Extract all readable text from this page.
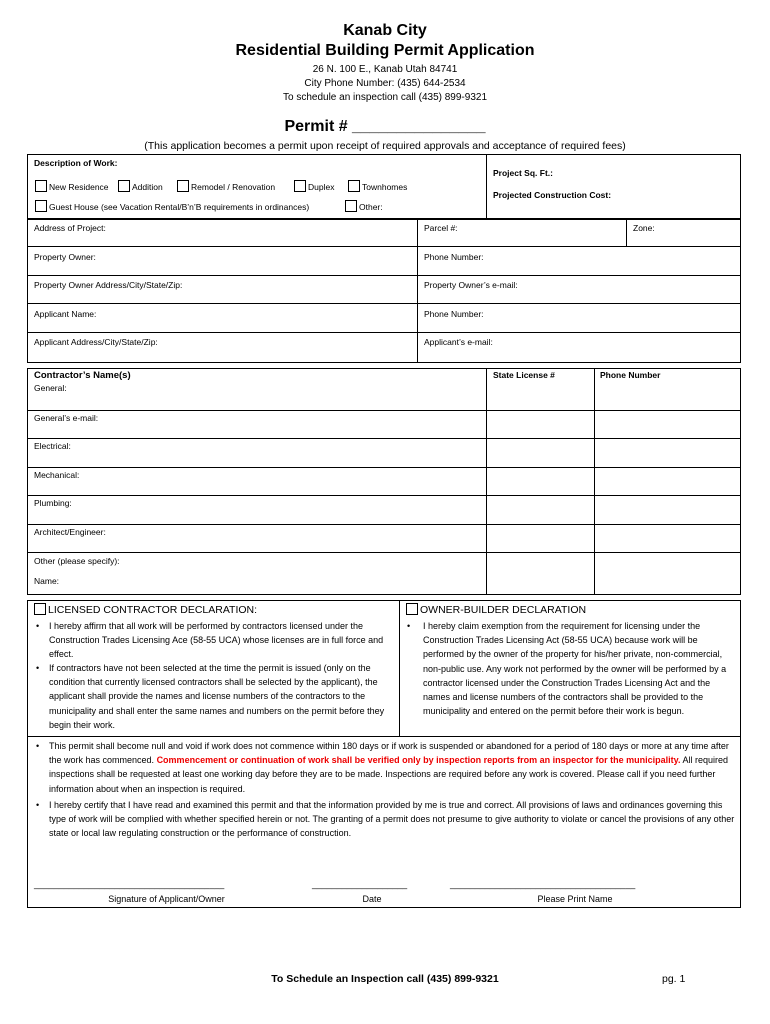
Kanab City
Residential Building Permit Application
26 N. 100 E., Kanab Utah 84741
City Phone Number: (435) 644-2534
To schedule an inspection call (435) 899-9321
Permit # _______________
(This application becomes a permit upon receipt of required approvals and acceptance of required fees)
Description of Work:
New Residence	Addition	Remodel / Renovation	Duplex	Townhomes
Guest House (see Vacation Rental/B’n’B requirements in ordinances)	Other:
Project Sq. Ft.:
Projected Construction Cost:
Address of Project:	Parcel #:	Zone:
Property Owner:	Phone Number:
Property Owner Address/City/State/Zip:	Property Owner’s e-mail:
Applicant Name:	Phone Number:
Applicant Address/City/State/Zip:	Applicant’s e-mail:
Contractor’s Name(s)	State License #	Phone Number
General:
General’s e-mail:
Electrical:
Mechanical:
Plumbing:
Architect/Engineer:
Other (please specify):
Name:
LICENSED CONTRACTOR DECLARATION:
• I hereby affirm that all work will be performed by contractors licensed under the Construction Trades Licensing Ace (58-55 UCA) whose licenses are in full force and effect.
• If contractors have not been selected at the time the permit is issued (only on the condition that currently licensed contractors shall be selected by the applicant), the applicant shall provide the names and license numbers of the contractors to the municipality and shall enter the same names and numbers on the permit before they begin their work.
OWNER-BUILDER DECLARATION
• I hereby claim exemption from the requirement for licensing under the Construction Trades Licensing Act (58-55 UCA) because work will be performed by the owner of the property for his/her private, non-commercial, non-public use. Any work not performed by the owner will be performed by a contractor licensed under the Construction Trades Licensing Act and the names and license numbers of the contractors shall be provided to the municipality and entered on the permit before their work is begun.
• This permit shall become null and void if work does not commence within 180 days or if work is suspended or abandoned for a period of 180 days or more at any time after the work has commenced. Commencement or continuation of work shall be verified only by inspection reports from an inspector for the municipality. All required inspections shall be requested at least one working day before they are to be made. Inspections are required before any work is covered. Please call if you need further information about when an inspection is required.
• I hereby certify that I have read and examined this permit and that the information provided by me is true and correct. All provisions of laws and ordinances governing this type of work will be complied with whether specified herein or not. The granting of a permit does not presume to give authority to violate or cancel the provisions of any other state or local law regulating construction or the performance of construction.
______________________________________	___________________	_____________________________________
Signature of Applicant/Owner	Date	Please Print Name
To Schedule an Inspection call (435) 899-9321	pg. 1
